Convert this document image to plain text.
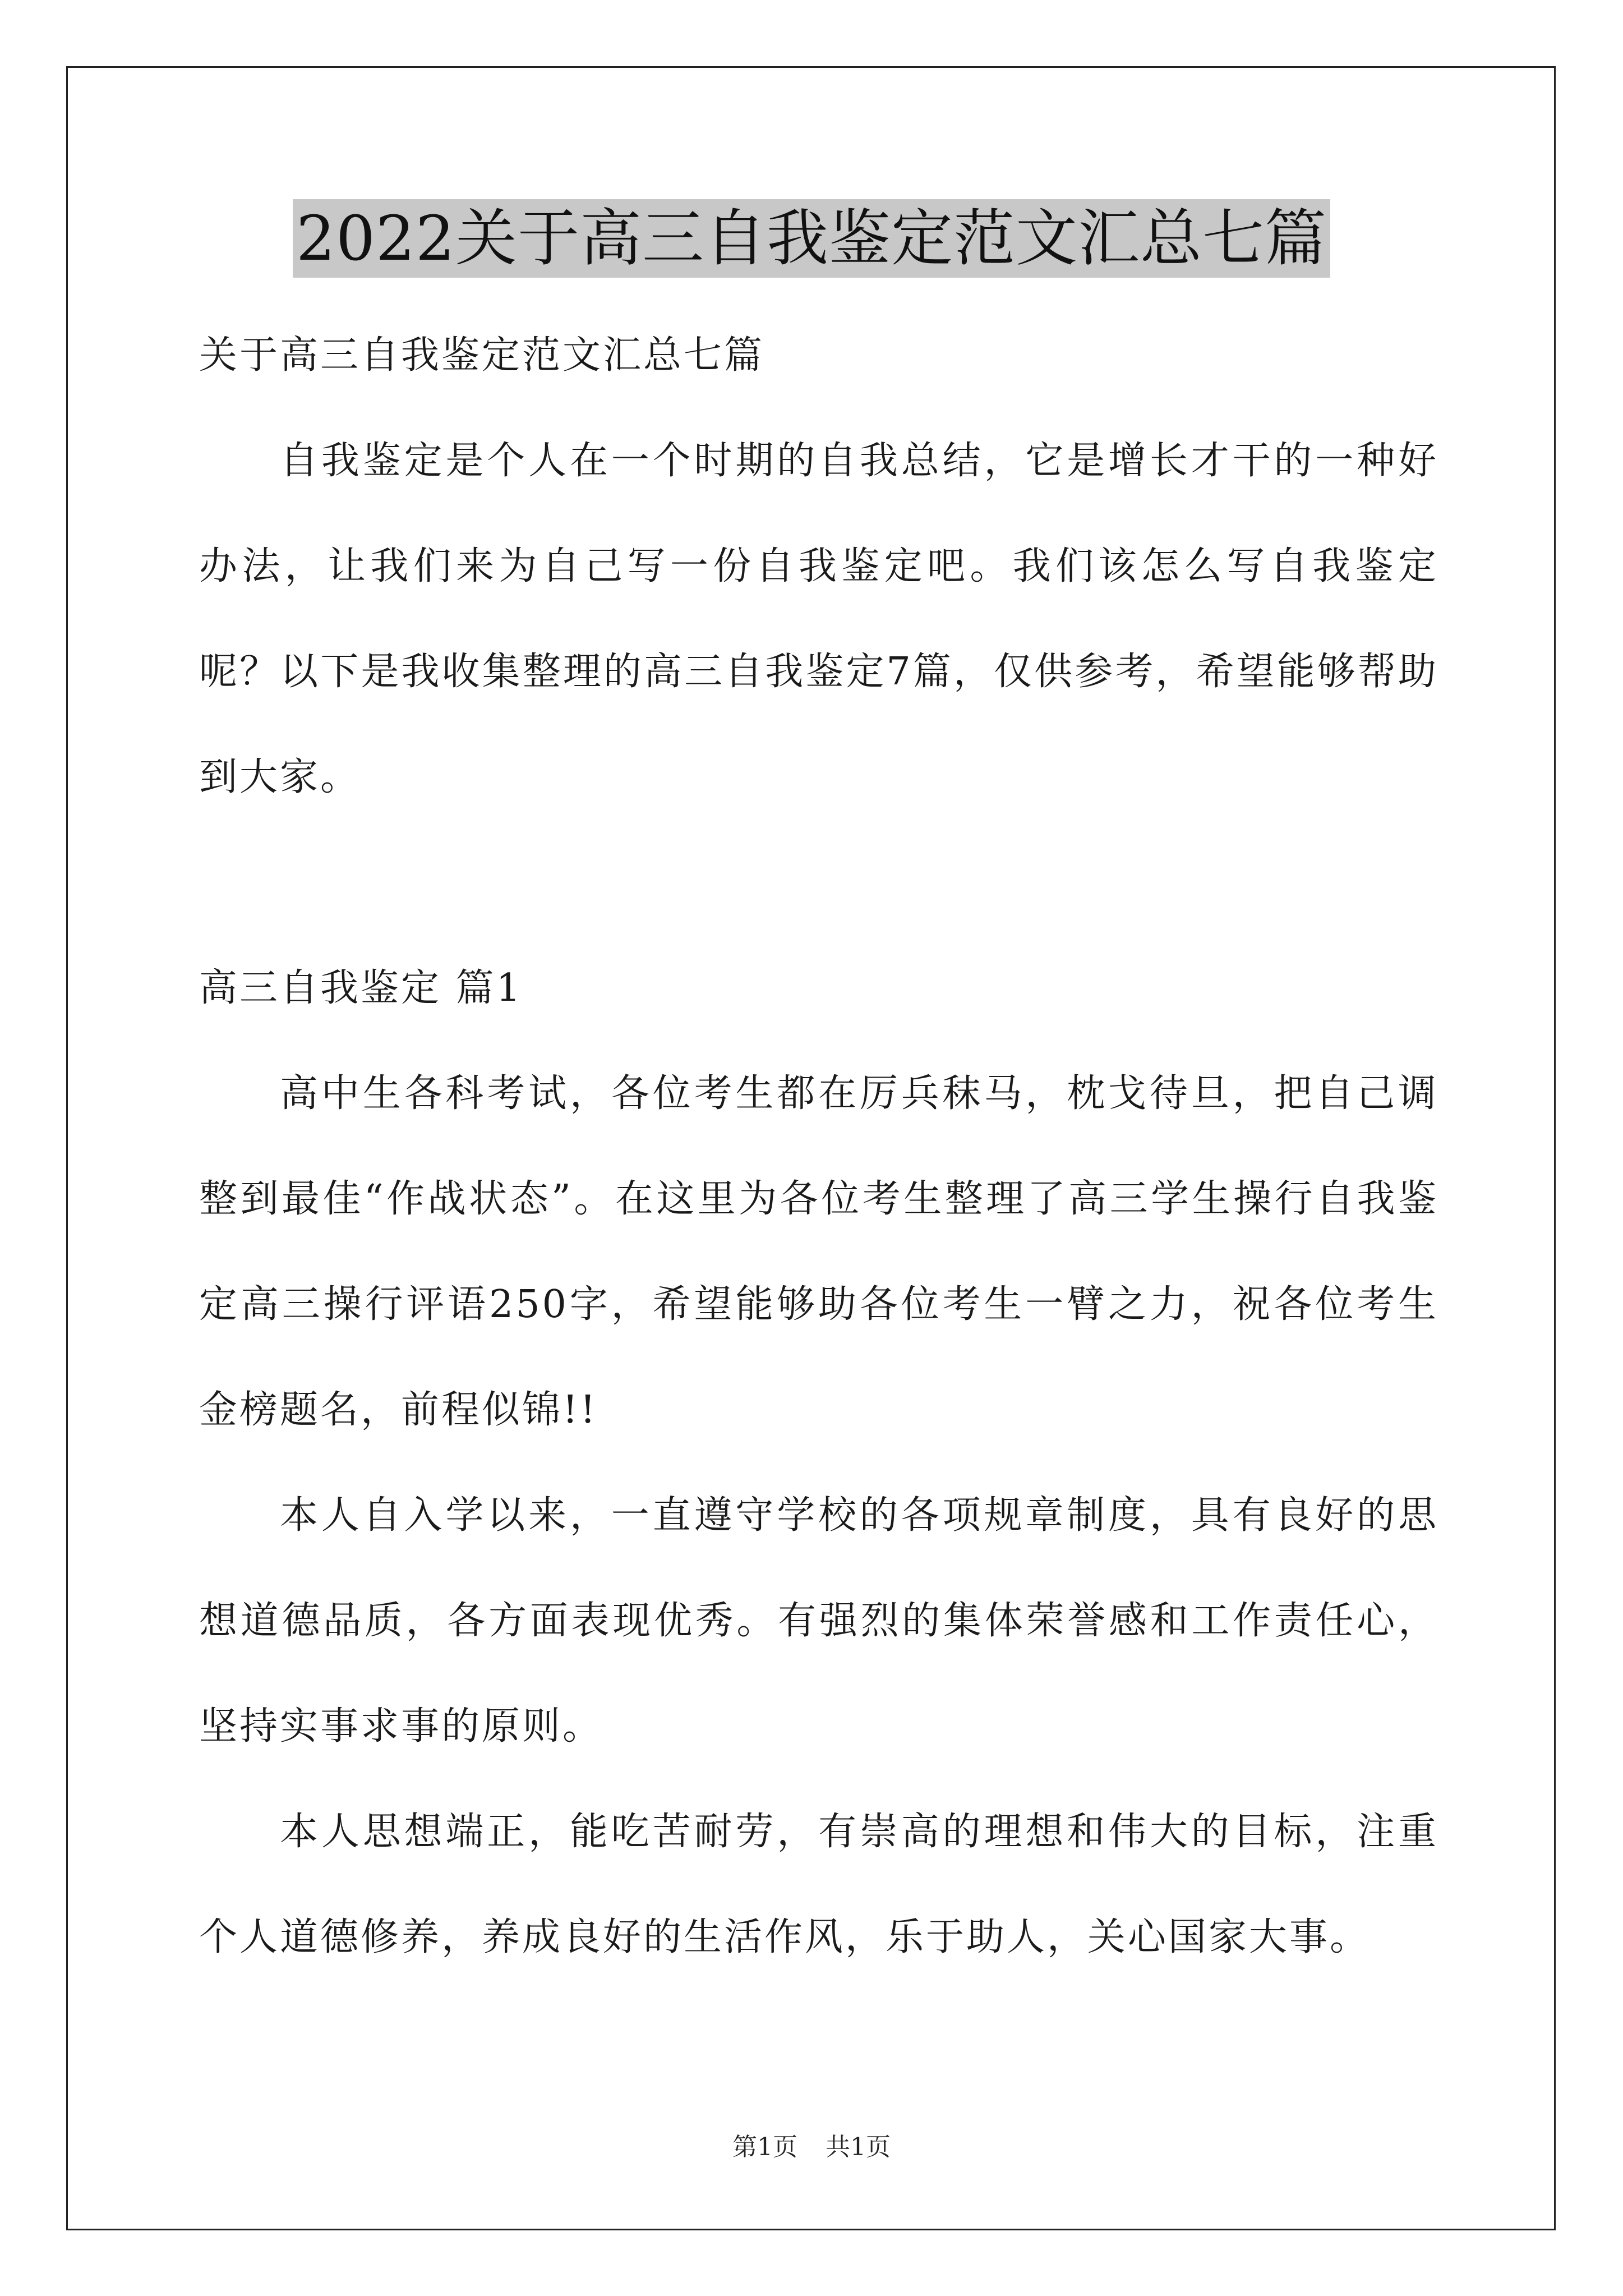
2022关于高三自我鉴定范文汇总七篇

关于高三自我鉴定范文汇总七篇

自我鉴定是个人在一个时期的自我总结，它是增长才干的一种好办法，让我们来为自己写一份自我鉴定吧。我们该怎么写自我鉴定呢？以下是我收集整理的高三自我鉴定7篇，仅供参考，希望能够帮助到大家。

高三自我鉴定 篇1

高中生各科考试，各位考生都在厉兵秣马，枕戈待旦，把自己调整到最佳“作战状态”。在这里为各位考生整理了高三学生操行自我鉴定高三操行评语250字，希望能够助各位考生一臂之力，祝各位考生金榜题名，前程似锦!!

本人自入学以来，一直遵守学校的各项规章制度，具有良好的思想道德品质，各方面表现优秀。有强烈的集体荣誉感和工作责任心，坚持实事求事的原则。

本人思想端正，能吃苦耐劳，有崇高的理想和伟大的目标，注重个人道德修养，养成良好的生活作风，乐于助人，关心国家大事。

第1页 共1页
